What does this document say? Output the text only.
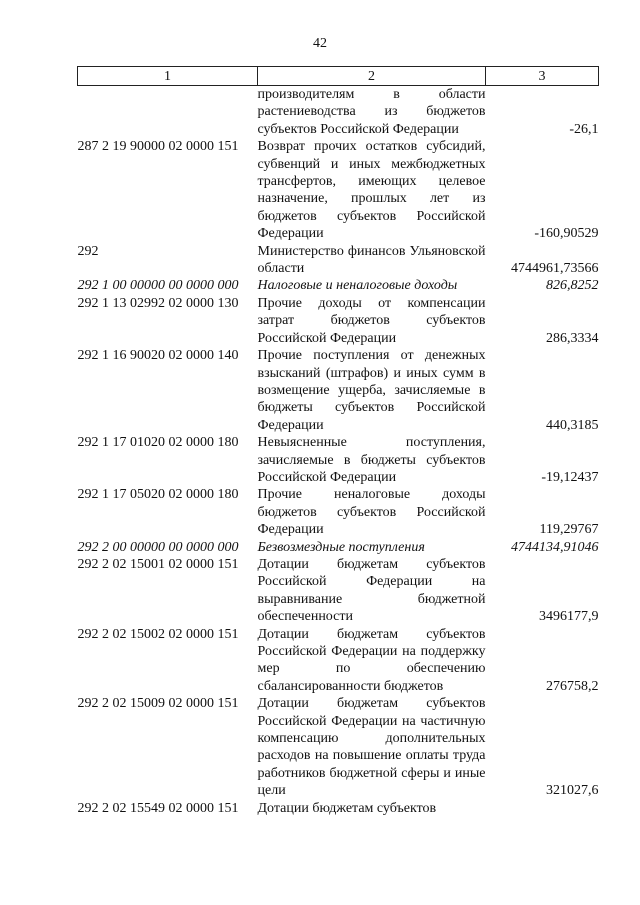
42
1	2	3
	производителям в области растениеводства из бюджетов субъектов Российской Федерации	-26,1
287 2 19 90000 02 0000 151	Возврат прочих остатков субсидий, субвенций и иных межбюджетных трансфертов, имеющих целевое назначение, прошлых лет из бюджетов субъектов Российской Федерации	-160,90529
292	Министерство финансов Ульяновской области	4744961,73566
292 1 00 00000 00 0000 000	Налоговые и неналоговые доходы	826,8252
292 1 13 02992 02 0000 130	Прочие доходы от компенсации затрат бюджетов субъектов Российской Федерации	286,3334
292 1 16 90020 02 0000 140	Прочие поступления от денежных взысканий (штрафов) и иных сумм в возмещение ущерба, зачисляемые в бюджеты субъектов Российской Федерации	440,3185
292 1 17 01020 02 0000 180	Невыясненные поступления, зачисляемые в бюджеты субъектов Российской Федерации	-19,12437
292 1 17 05020 02 0000 180	Прочие неналоговые доходы бюджетов субъектов Российской Федерации	119,29767
292 2 00 00000 00 0000 000	Безвозмездные поступления	4744134,91046
292 2 02 15001 02 0000 151	Дотации бюджетам субъектов Российской Федерации на выравнивание бюджетной обеспеченности	3496177,9
292 2 02 15002 02 0000 151	Дотации бюджетам субъектов Российской Федерации на поддержку мер по обеспечению сбалансированности бюджетов	276758,2
292 2 02 15009 02 0000 151	Дотации бюджетам субъектов Российской Федерации на частичную компенсацию дополнительных расходов на повышение оплаты труда работников бюджетной сферы и иные цели	321027,6
292 2 02 15549 02 0000 151	Дотации бюджетам субъектов	
